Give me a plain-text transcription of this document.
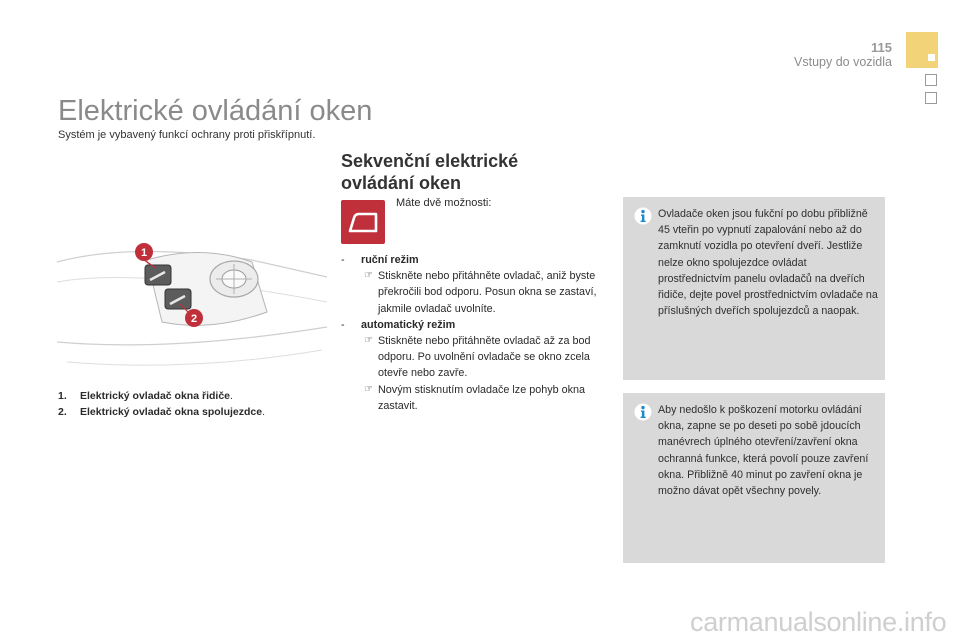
115
Vstupy do vozidla
Elektrické ovládání oken
Systém je vybavený funkcí ochrany proti přiskřípnutí.
1
2
1. Elektrický ovladač okna řidiče.
2. Elektrický ovladač okna spolujezdce.
Sekvenční elektrické
ovládání oken
Máte dvě možnosti:
- ruční režim
☞ Stiskněte nebo přitáhněte ovladač, aniž byste překročili bod odporu. Posun okna se zastaví, jakmile ovladač uvolníte.
- automatický režim
☞ Stiskněte nebo přitáhněte ovladač až za bod odporu. Po uvolnění ovladače se okno zcela otevře nebo zavře.
☞ Novým stisknutím ovladače lze pohyb okna zastavit.
Ovladače oken jsou fukční po dobu přibližně 45 vteřin po vypnutí zapalování nebo až do zamknutí vozidla po otevření dveří. Jestliže nelze okno spolujezdce ovládat prostřednictvím panelu ovladačů na dveřích řidiče, dejte povel prostřednictvím ovladače na příslušných dveřích spolujezdců a naopak.
Aby nedošlo k poškození motorku ovládání okna, zapne se po deseti po sobě jdoucích manévrech úplného otevření/zavření okna ochranná funkce, která povolí pouze zavření okna. Přibližně 40 minut po zavření okna je možno dávat opět všechny povely.
carmanualsonline.info
